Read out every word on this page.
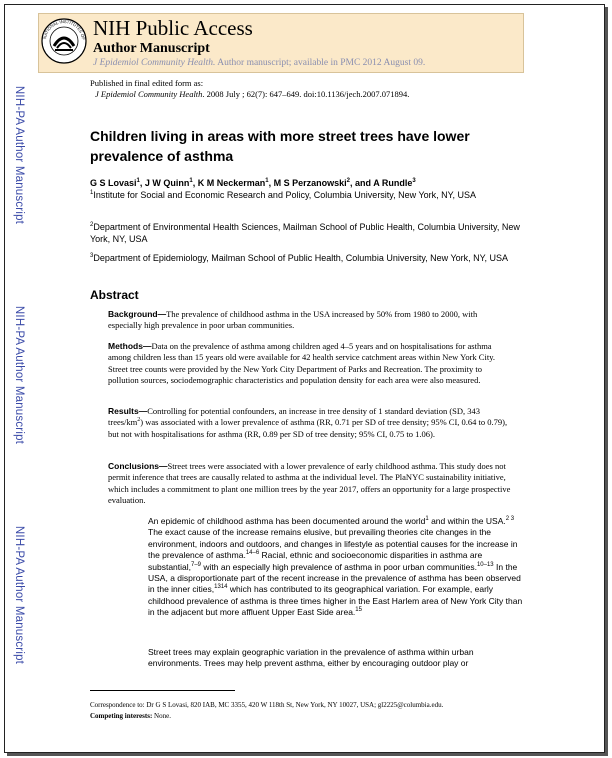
NATIONAL INSTITUTES OF NIH Public Access
Author Manuscript
J Epidemiol Community Health. Author manuscript; available in PMC 2012 August 09.
NIH-PA Author Manuscript
NIH-PA Author Manuscript
NIH-PA Author Manuscript
Published in final edited form as:
J Epidemiol Community Health. 2008 July ; 62(7): 647–649. doi:10.1136/jech.2007.071894.
Children living in areas with more street trees have lower prevalence of asthma
G S Lovasi$^1$, J W Quinn$^1$, K M Neckerman$^1$, M S Perzanowski$^2$, and A Rundle$^3$
$^1$Institute for Social and Economic Research and Policy, Columbia University, New York, NY, USA
$^2$Department of Environmental Health Sciences, Mailman School of Public Health, Columbia University, New York, NY, USA
$^3$Department of Epidemiology, Mailman School of Public Health, Columbia University, New York, NY, USA
Abstract
Background—The prevalence of childhood asthma in the USA increased by 50% from 1980 to 2000, with especially high prevalence in poor urban communities.
Methods—Data on the prevalence of asthma among children aged 4–5 years and on hospitalisations for asthma among children less than 15 years old were available for 42 health service catchment areas within New York City. Street tree counts were provided by the New York City Department of Parks and Recreation. The proximity to pollution sources, sociodemographic characteristics and population density for each area were also measured.
Results—Controlling for potential confounders, an increase in tree density of 1 standard deviation (SD, 343 trees/$km^2$) was associated with a lower prevalence of asthma (RR, 0.71 per SD of tree density; 95% CI, 0.64 to 0.79), but not with hospitalisations for asthma (RR, 0.89 per SD of tree density; 95% CI, 0.75 to 1.06).
Conclusions—Street trees were associated with a lower prevalence of early childhood asthma. This study does not permit inference that trees are causally related to asthma at the individual level. The PlaNYC sustainability initiative, which includes a commitment to plant one million trees by the year 2017, offers an opportunity for a large prospective evaluation.
An epidemic of childhood asthma has been documented around the world$^1$ and within the USA.$^{2 3}$ The exact cause of the increase remains elusive, but prevailing theories cite changes in the environment, indoors and outdoors, and changes in lifestyle as potential causes for the increase in the prevalence of asthma.$^{14-6}$ Racial, ethnic and socioeconomic disparities in asthma are substantial,$^{7-9}$ with an especially high prevalence of asthma in poor urban communities.$^{10-13}$ In the USA, a disproportionate part of the recent increase in the prevalence of asthma has been observed in the inner cities,$^{1314}$ which has contributed to its geographical variation. For example, early childhood prevalence of asthma is three times higher in the East Harlem area of New York City than in the adjacent but more affluent Upper East Side area.$^{15}$
Street trees may explain geographic variation in the prevalence of asthma within urban environments. Trees may help prevent asthma, either by encouraging outdoor play or
Correspondence to: Dr G S Lovasi, 820 IAB, MC 3355, 420 W 118th St, New York, NY 10027, USA; gl2225@columbia.edu.
Competing interests: None.
